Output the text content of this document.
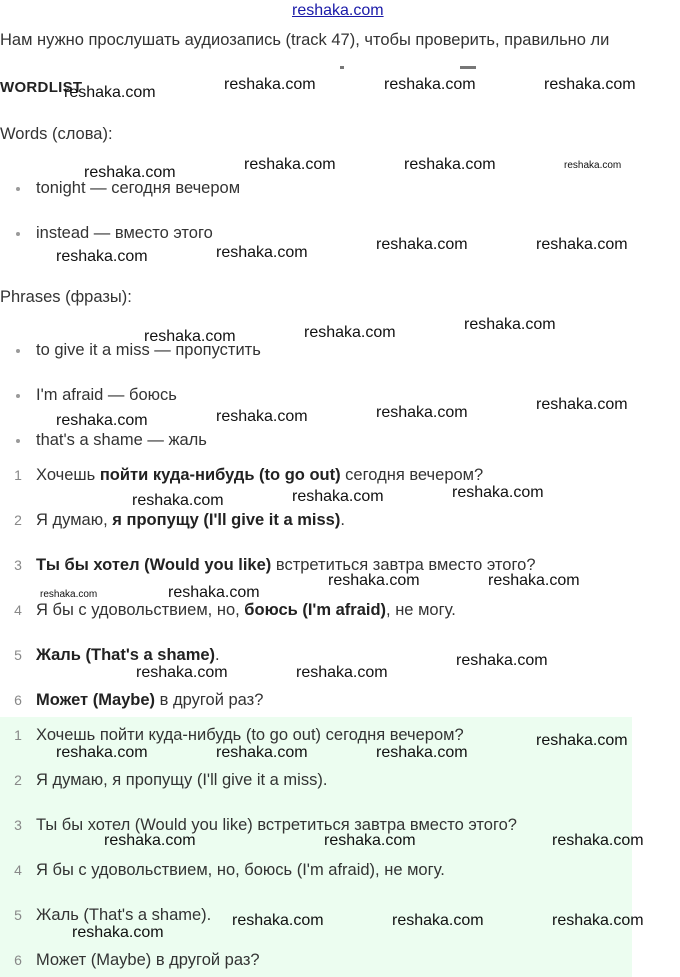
reshaka.com
Нам нужно прослушать аудиозапись (track 47), чтобы проверить, правильно ли
WORDLIST
Words (слова):
tonight — сегодня вечером
instead — вместо этого
Phrases (фразы):
to give it a miss — пропустить
I'm afraid — боюсь
that's a shame — жаль
1 Хочешь пойти куда-нибудь (to go out) сегодня вечером?
2 Я думаю, я пропущу (I'll give it a miss).
3 Ты бы хотел (Would you like) встретиться завтра вместо этого?
4 Я бы с удовольствием, но, боюсь (I'm afraid), не могу.
5 Жаль (That's a shame).
6 Может (Maybe) в другой раз?
1 Хочешь пойти куда-нибудь (to go out) сегодня вечером?
2 Я думаю, я пропущу (I'll give it a miss).
3 Ты бы хотел (Would you like) встретиться завтра вместо этого?
4 Я бы с удовольствием, но, боюсь (I'm afraid), не могу.
5 Жаль (That's a shame).
6 Может (Maybe) в другой раз?
reshaka.com	reshaka.com	reshaka.com	reshaka.com
reshaka.com	reshaka.com	reshaka.com	reshaka.com
reshaka.com	reshaka.com	reshaka.com	reshaka.com
reshaka.com	reshaka.com	reshaka.com
reshaka.com	reshaka.com	reshaka.com	reshaka.com
reshaka.com	reshaka.com	reshaka.com
reshaka.com	reshaka.com
reshaka.com	reshaka.com
reshaka.com	reshaka.com
reshaka.com
reshaka.com	reshaka.com	reshaka.com
reshaka.com
reshaka.com	reshaka.com	reshaka.com
reshaka.com	reshaka.com	reshaka.com
reshaka.com
